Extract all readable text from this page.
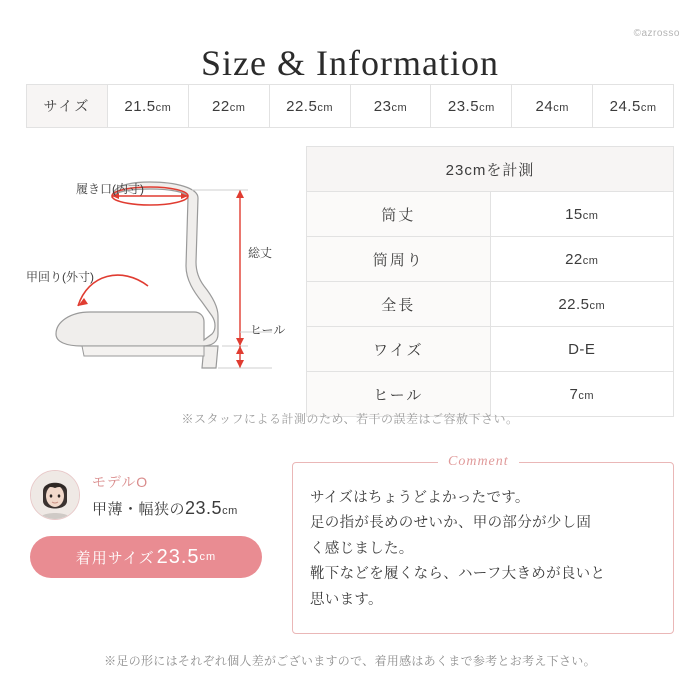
Size & Information
©azrosso
サイズ	21.5cm	22cm	22.5cm	23cm	23.5cm	24cm	24.5cm
履き口(内寸)
甲回り(外寸)
総丈
ヒール
23cmを計測	
筒丈	15cm
筒周り	22cm
全長	22.5cm
ワイズ	D-E
ヒール	7cm
※スタッフによる計測のため、若干の誤差はご容赦下さい。
モデルO
甲薄・幅狭の23.5cm
着用サイズ 23.5 cm
Comment
サイズはちょうどよかったです。
足の指が長めのせいか、甲の部分が少し固
く感じました。
靴下などを履くなら、ハーフ大きめが良いと
思います。
※足の形にはそれぞれ個人差がございますので、着用感はあくまで参考とお考え下さい。
